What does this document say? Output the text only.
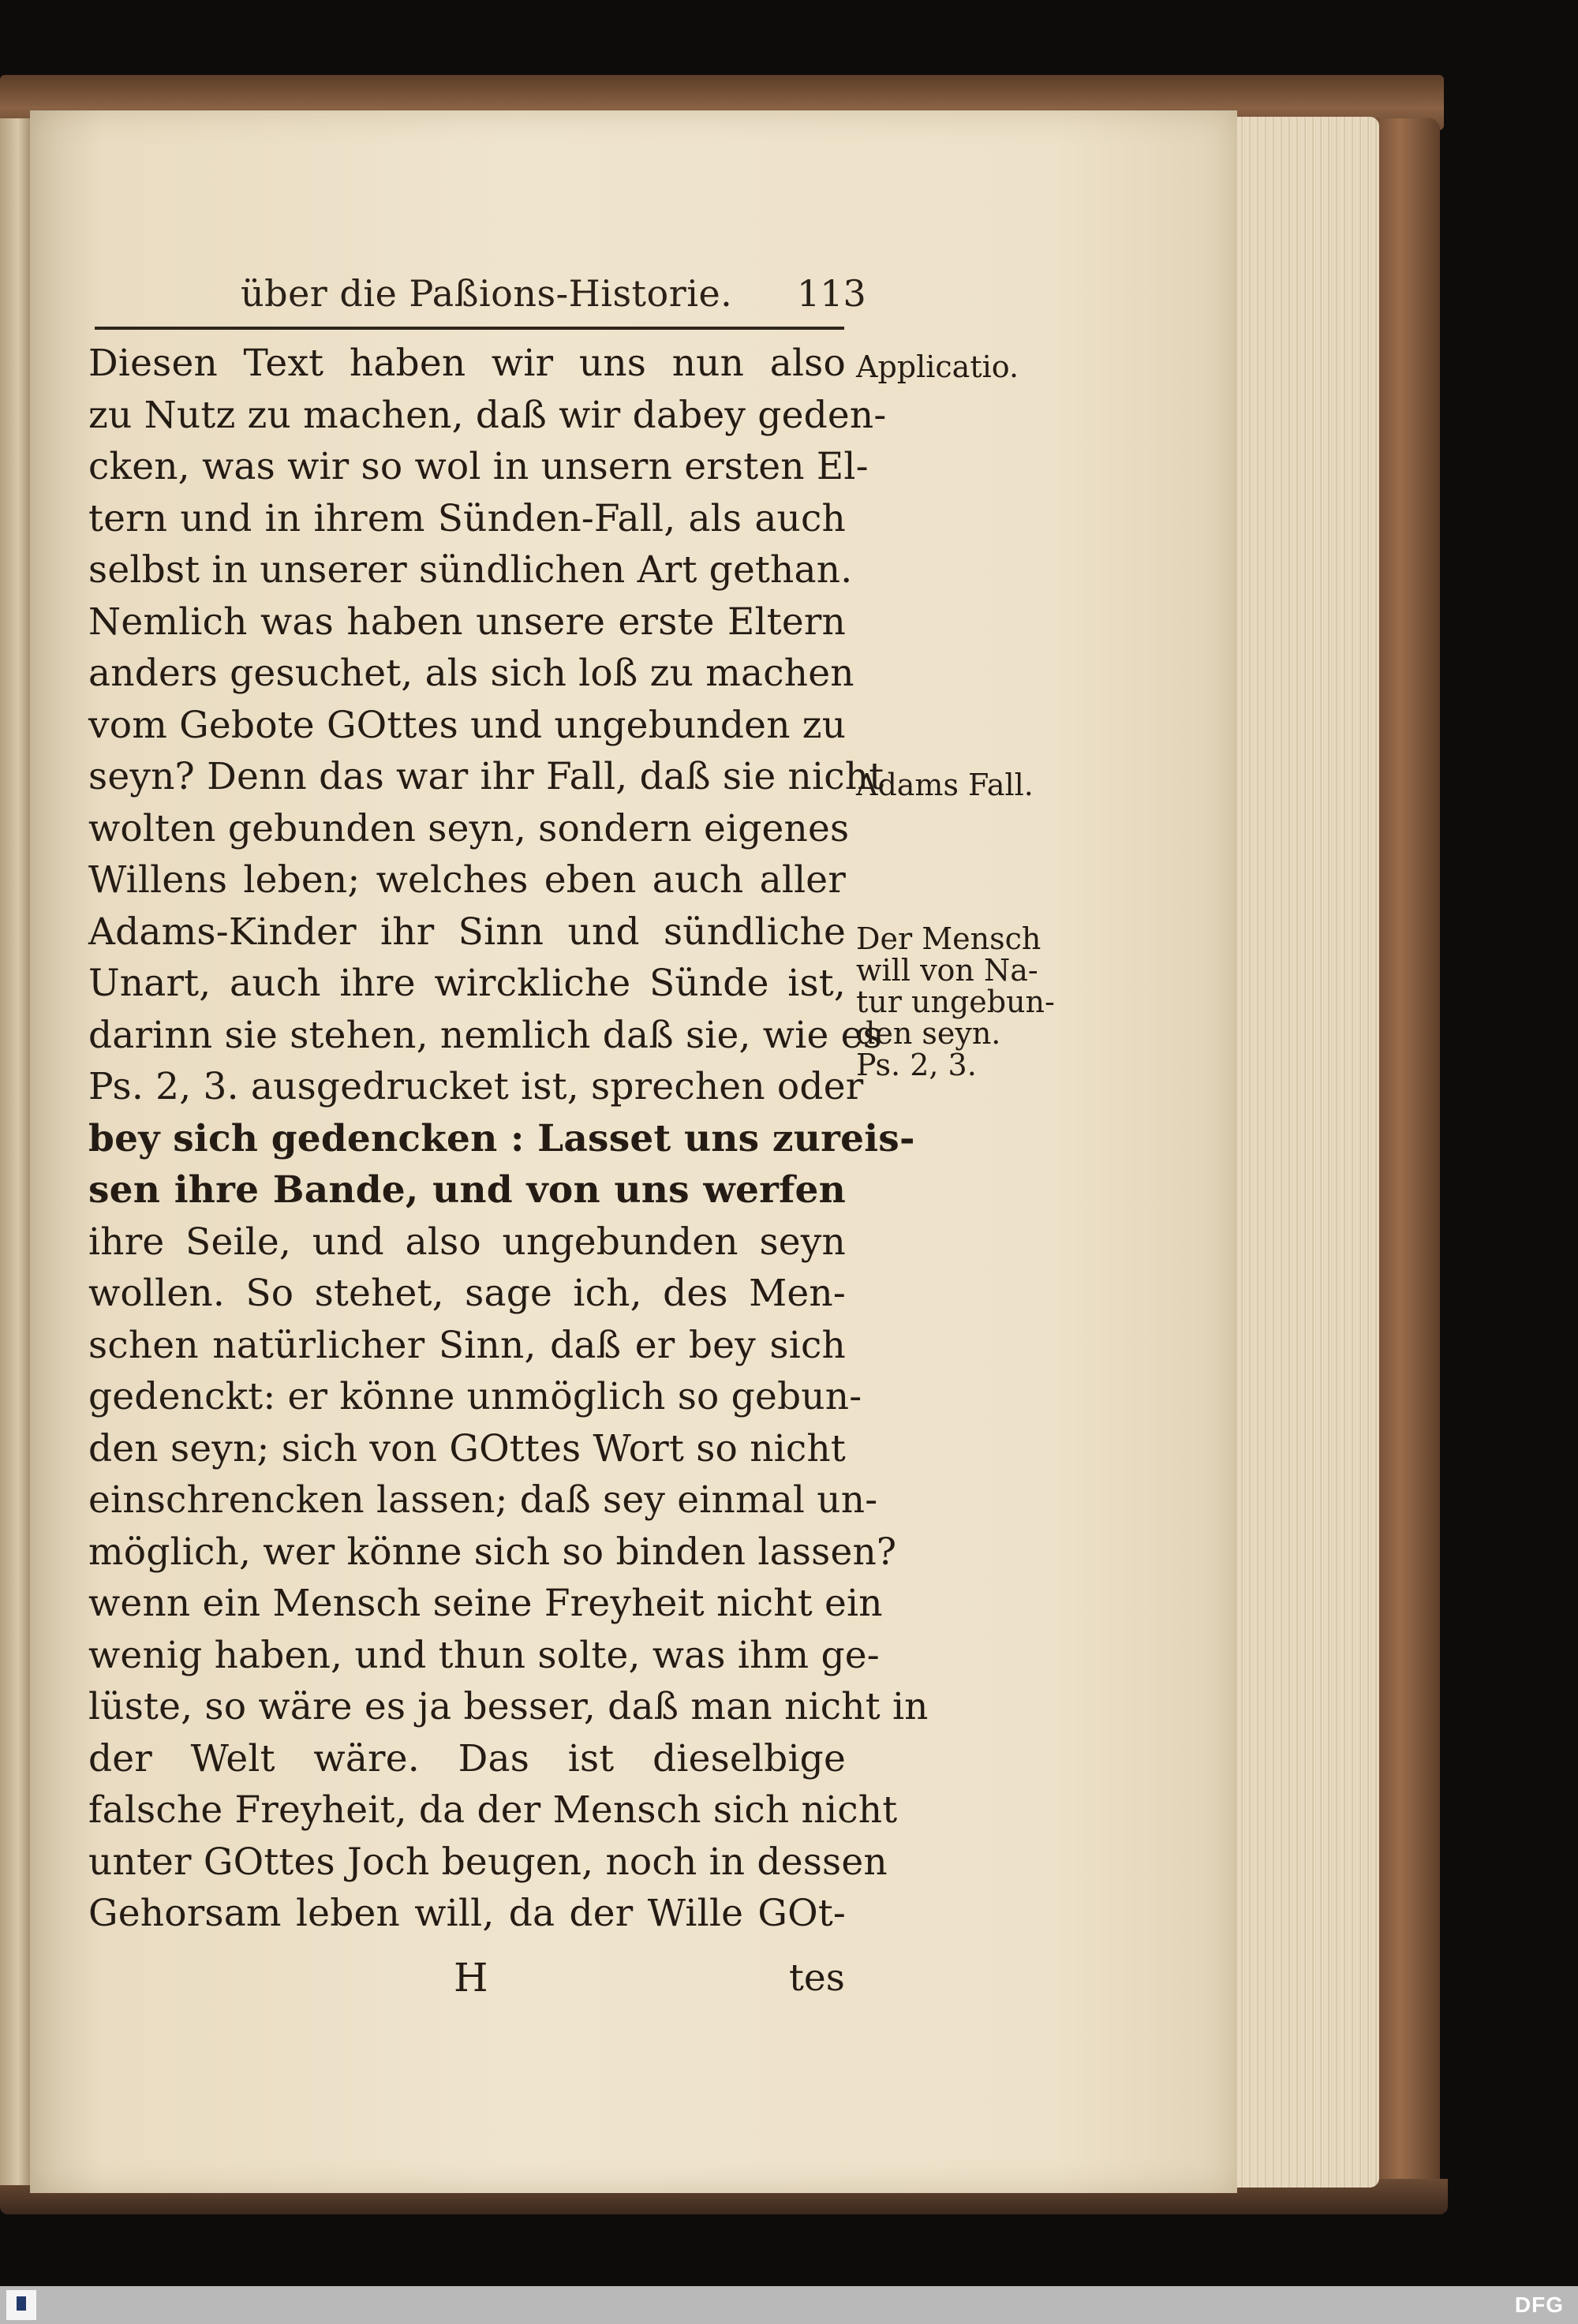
über die Paßions-Historie. 113
Diesen Text haben wir uns nun also
zu Nutz zu machen, daß wir dabey geden-
cken, was wir so wol in unsern ersten El-
tern und in ihrem Sünden-Fall, als auch
selbst in unserer sündlichen Art gethan.
Nemlich was haben unsere erste Eltern
anders gesuchet, als sich loß zu machen
vom Gebote GOttes und ungebunden zu
seyn? Denn das war ihr Fall, daß sie nicht
wolten gebunden seyn, sondern eigenes
Willens leben; welches eben auch aller
Adams-Kinder ihr Sinn und sündliche
Unart, auch ihre wirckliche Sünde ist,
darinn sie stehen, nemlich daß sie, wie es
Ps. 2, 3. ausgedrucket ist, sprechen oder
bey sich gedencken : Lasset uns zureis-
sen ihre Bande, und von uns werfen
ihre Seile, und also ungebunden seyn
wollen. So stehet, sage ich, des Men-
schen natürlicher Sinn, daß er bey sich
gedenckt: er könne unmöglich so gebun-
den seyn; sich von GOttes Wort so nicht
einschrencken lassen; daß sey einmal un-
möglich, wer könne sich so binden lassen?
wenn ein Mensch seine Freyheit nicht ein
wenig haben, und thun solte, was ihm ge-
lüste, so wäre es ja besser, daß man nicht in
der Welt wäre. Das ist dieselbige
falsche Freyheit, da der Mensch sich nicht
unter GOttes Joch beugen, noch in dessen
Gehorsam leben will, da der Wille GOt-
H	tes
Applicatio.
Adams Fall.
Der Mensch
will von Na-
tur ungebun-
den seyn.
Ps. 2, 3.
DFG
